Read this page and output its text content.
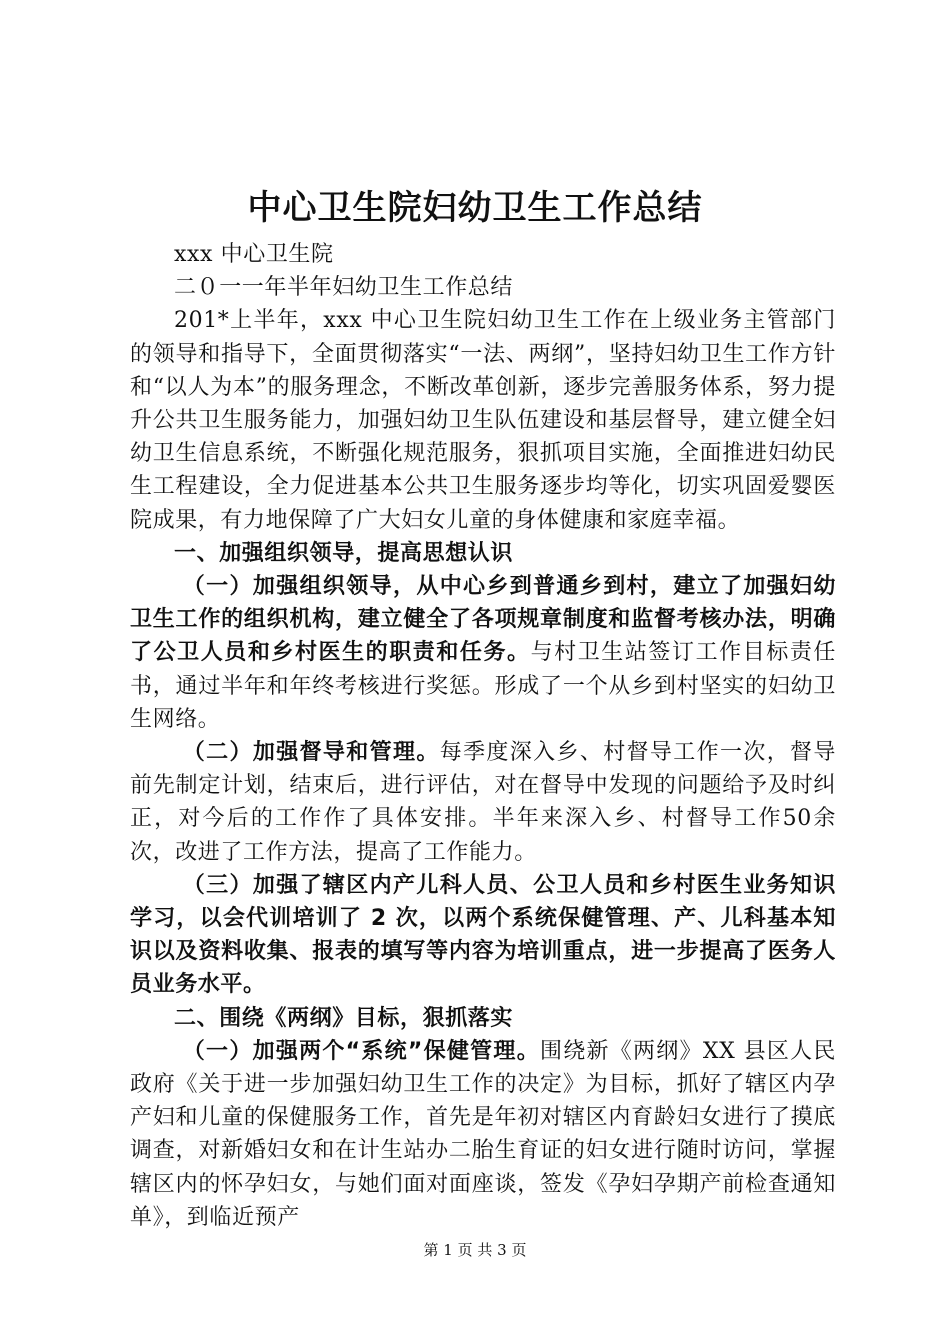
中心卫生院妇幼卫生工作总结

xxx 中心卫生院

二０一一年半年妇幼卫生工作总结

201*上半年，xxx 中心卫生院妇幼卫生工作在上级业务主管部门的领导和指导下，全面贯彻落实“一法、两纲”，坚持妇幼卫生工作方针和“以人为本”的服务理念，不断改革创新，逐步完善服务体系，努力提升公共卫生服务能力，加强妇幼卫生队伍建设和基层督导，建立健全妇幼卫生信息系统，不断强化规范服务，狠抓项目实施，全面推进妇幼民生工程建设，全力促进基本公共卫生服务逐步均等化，切实巩固爱婴医院成果，有力地保障了广大妇女儿童的身体健康和家庭幸福。

一、加强组织领导，提高思想认识

（一）加强组织领导，从中心乡到普通乡到村，建立了加强妇幼卫生工作的组织机构，建立健全了各项规章制度和监督考核办法，明确了公卫人员和乡村医生的职责和任务。与村卫生站签订工作目标责任书，通过半年和年终考核进行奖惩。形成了一个从乡到村坚实的妇幼卫生网络。

（二）加强督导和管理。每季度深入乡、村督导工作一次，督导前先制定计划，结束后，进行评估，对在督导中发现的问题给予及时纠正，对今后的工作作了具体安排。半年来深入乡、村督导工作50余次，改进了工作方法，提高了工作能力。

（三）加强了辖区内产儿科人员、公卫人员和乡村医生业务知识学习，以会代训培训了 2 次，以两个系统保健管理、产、儿科基本知识以及资料收集、报表的填写等内容为培训重点，进一步提高了医务人员业务水平。

二、围绕《两纲》目标，狠抓落实

（一）加强两个“系统”保健管理。围绕新《两纲》XX 县区人民政府《关于进一步加强妇幼卫生工作的决定》为目标，抓好了辖区内孕产妇和儿童的保健服务工作，首先是年初对辖区内育龄妇女进行了摸底调查，对新婚妇女和在计生站办二胎生育证的妇女进行随时访问，掌握辖区内的怀孕妇女，与她们面对面座谈，签发《孕妇孕期产前检查通知单》，到临近预产

第 1 页 共 3 页
